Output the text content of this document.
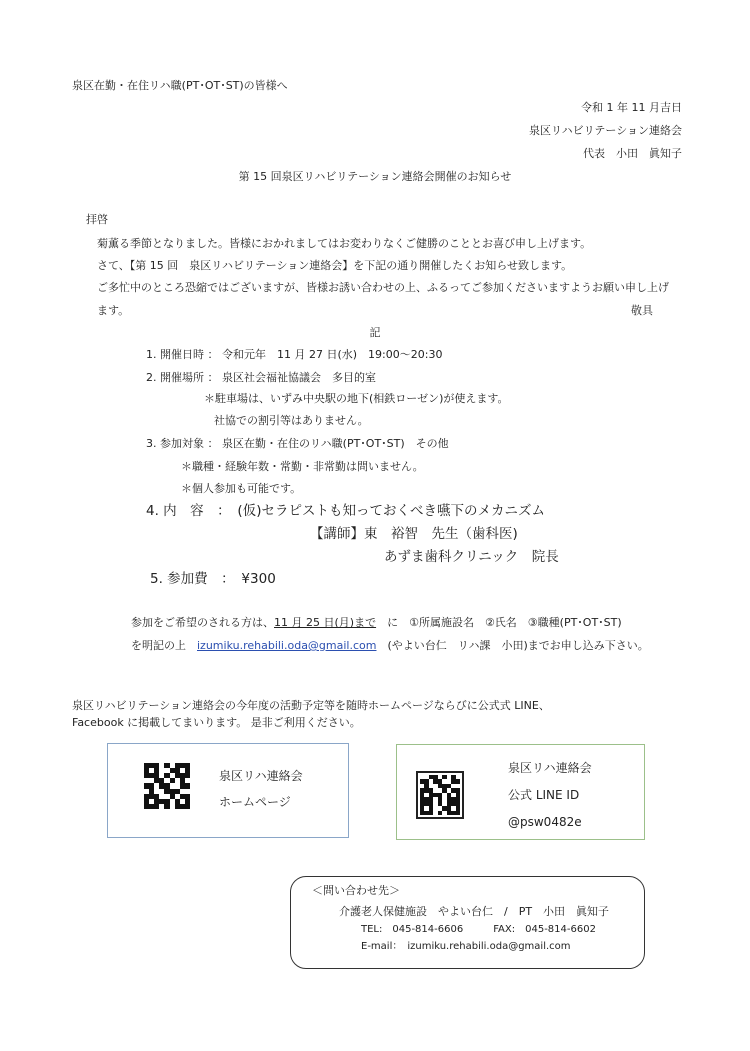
泉区在勤・在住リハ職(PT･OT･ST)の皆様へ
令和 1 年 11 月吉日
泉区リハビリテーション連絡会
代表　小田　眞知子
第 15 回泉区リハビリテーション連絡会開催のお知らせ
拝啓
菊薫る季節となりました。皆様におかれましてはお変わりなくご健勝のこととお喜び申し上げます。
さて、【第 15 回　泉区リハビリテーション連絡会】を下記の通り開催したくお知らせ致します。
ご多忙中のところ恐縮ではございますが、皆様お誘い合わせの上、ふるってご参加くださいますようお願い申し上げ
ます。	敬具
記
1. 開催日時 ： 令和元年　11 月 27 日(水)　19:00～20:30
2. 開催場所 ： 泉区社会福祉協議会　多目的室
＊駐車場は、いずみ中央駅の地下(相鉄ローゼン)が使えます。
社協での割引等はありません。
3. 参加対象 ： 泉区在勤・在住のリハ職(PT･OT･ST)　その他
＊職種・経験年数・常勤・非常勤は問いません。
＊個人参加も可能です。
4. 内　容　：　(仮)セラピストも知っておくべき嚥下のメカニズム
【講師】東　裕智　先生（歯科医)
あずま歯科クリニック　院長
5. 参加費　：　¥300
参加をご希望のされる方は、11 月 25 日(月)まで　に　①所属施設名　②氏名　③職種(PT･OT･ST)
を明記の上　izumiku.rehabili.oda@gmail.com　(やよい台仁　リハ課　小田)までお申し込み下さい。
泉区リハビリテーション連絡会の今年度の活動予定等を随時ホームページならびに公式式 LINE、
Facebook に掲載してまいります。 是非ご利用ください。
泉区リハ連絡会
ホームページ
泉区リハ連絡会
公式 LINE ID
@psw0482e
＜問い合わせ先＞
介護老人保健施設　やよい台仁　/　PT　小田　眞知子
TEL:　045-814-6606　　　FAX:　045-814-6602
E-mail：　izumiku.rehabili.oda@gmail.com
